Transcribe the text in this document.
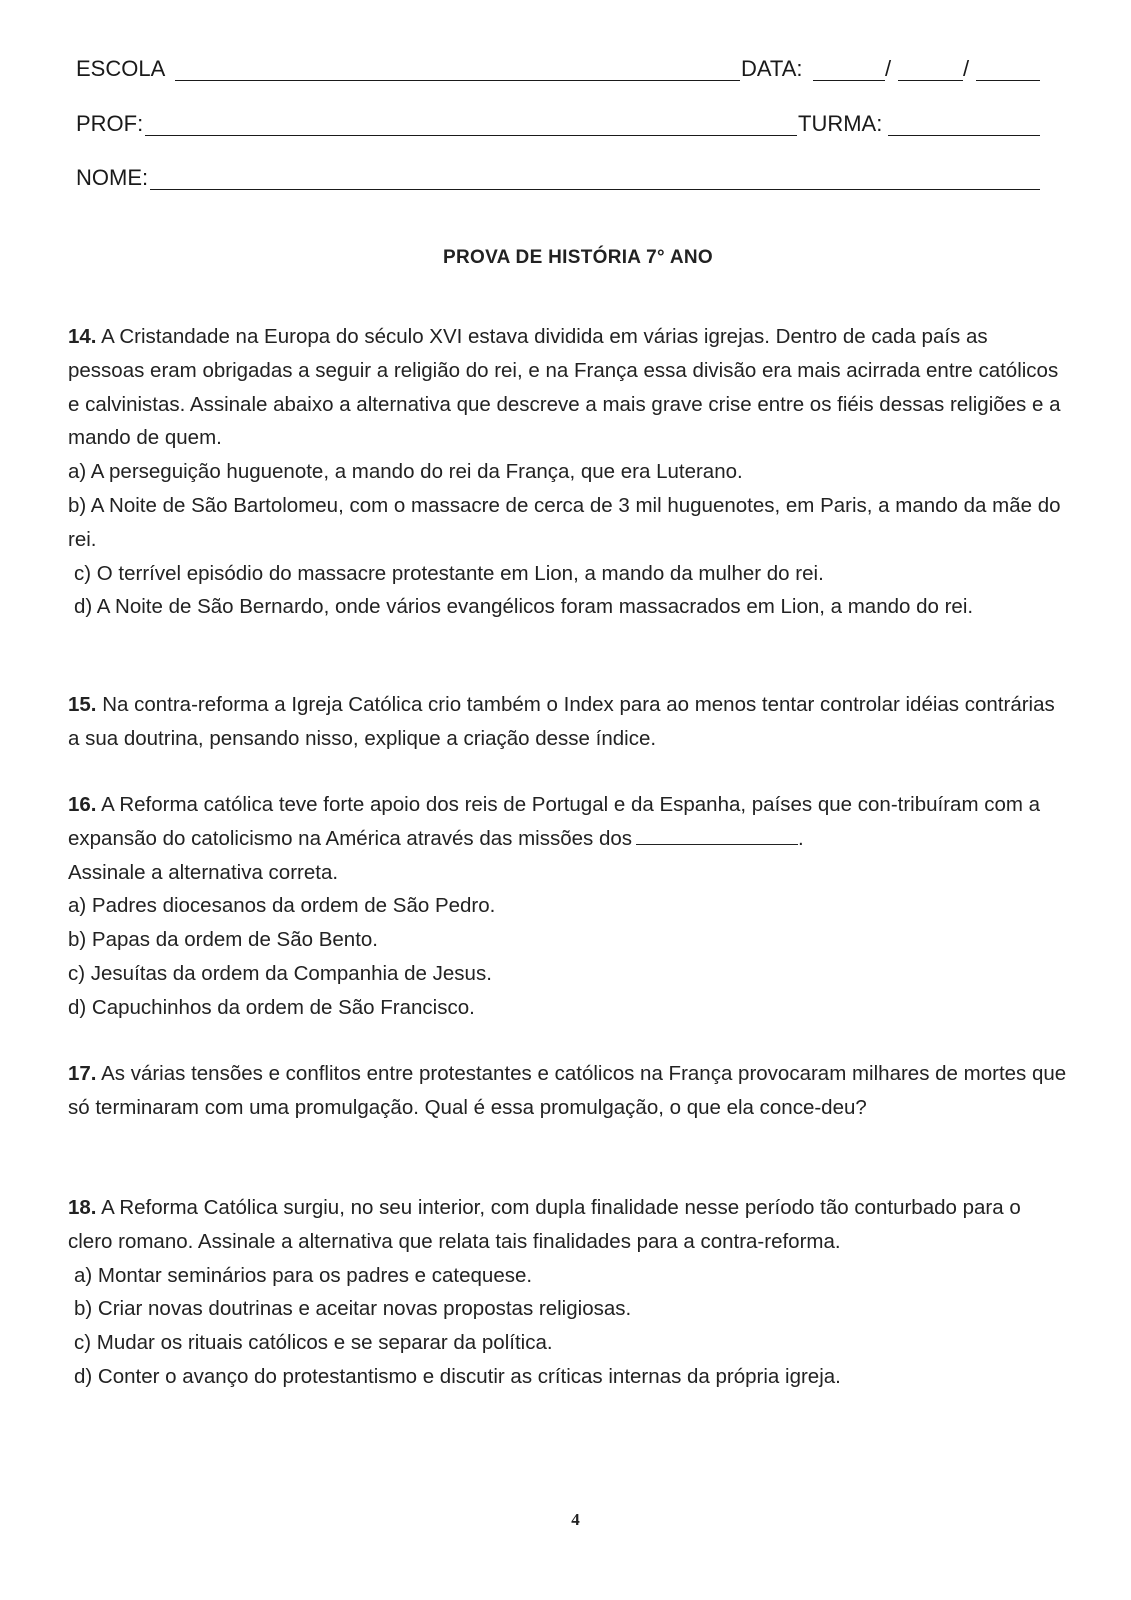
ESCOLA	DATA:	/	/
PROF:	TURMA:
NOME:
PROVA DE HISTÓRIA 7° ANO

14. A Cristandade na Europa do século XVI estava dividida em várias igrejas. Dentro de cada país as pessoas eram obrigadas a seguir a religião do rei, e na França essa divisão era mais acirrada entre católicos e calvinistas. Assinale abaixo a alternativa que descreve a mais grave crise entre os fiéis dessas religiões e a mando de quem.

a) A perseguição huguenote, a mando do rei da França, que era Luterano.

b) A Noite de São Bartolomeu, com o massacre de cerca de 3 mil huguenotes, em Paris, a mando da mãe do rei.

c) O terrível episódio do massacre protestante em Lion, a mando da mulher do rei.

d) A Noite de São Bernardo, onde vários evangélicos foram massacrados em Lion, a mando do rei.

15. Na contra-reforma a Igreja Católica crio também o Index para ao menos tentar controlar idéias contrárias a sua doutrina, pensando nisso, explique a criação desse índice.

16. A Reforma católica teve forte apoio dos reis de Portugal e da Espanha, países que con-tribuíram com a expansão do catolicismo na América através das missões dos	.

Assinale a alternativa correta.

a) Padres diocesanos da ordem de São Pedro.

b) Papas da ordem de São Bento.

c) Jesuítas da ordem da Companhia de Jesus.

d) Capuchinhos da ordem de São Francisco.

17. As várias tensões e conflitos entre protestantes e católicos na França provocaram milhares de mortes que só terminaram com uma promulgação. Qual é essa promulgação, o que ela conce-deu?

18. A Reforma Católica surgiu, no seu interior, com dupla finalidade nesse período tão conturbado para o clero romano. Assinale a alternativa que relata tais finalidades para a contra-reforma.

a) Montar seminários para os padres e catequese.

b) Criar novas doutrinas e aceitar novas propostas religiosas.

c) Mudar os rituais católicos e se separar da política.

d) Conter o avanço do protestantismo e discutir as críticas internas da própria igreja.

4
